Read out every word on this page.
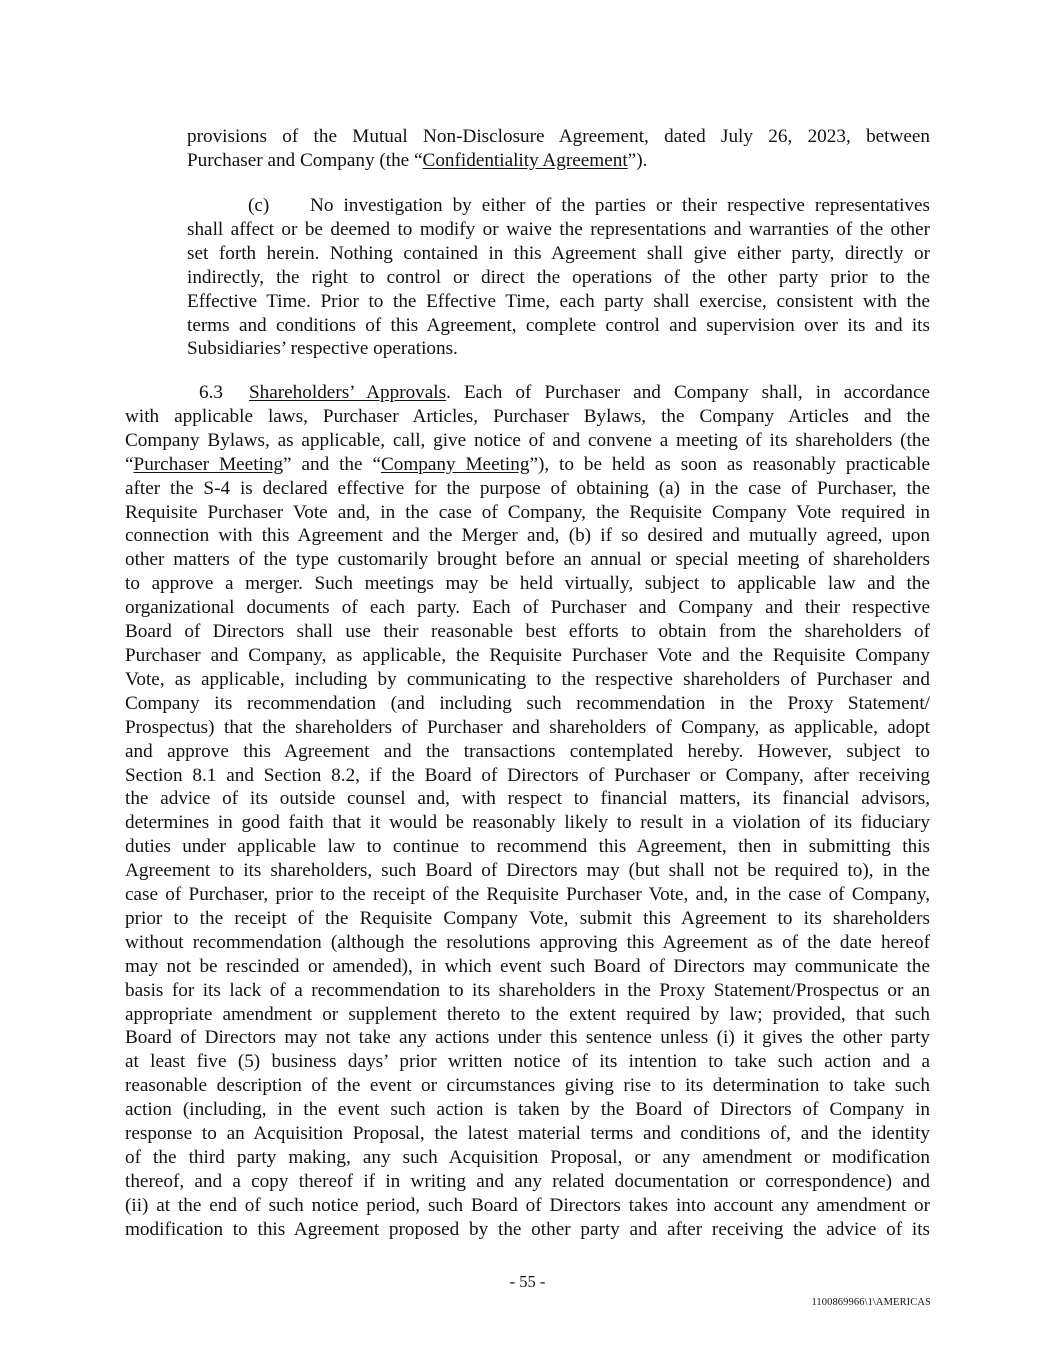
provisions of the Mutual Non-Disclosure Agreement, dated July 26, 2023, between
Purchaser and Company (the “Confidentiality Agreement”).
(c) No investigation by either of the parties or their respective representatives
shall affect or be deemed to modify or waive the representations and warranties of the other
set forth herein. Nothing contained in this Agreement shall give either party, directly or
indirectly, the right to control or direct the operations of the other party prior to the
Effective Time. Prior to the Effective Time, each party shall exercise, consistent with the
terms and conditions of this Agreement, complete control and supervision over its and its
Subsidiaries’ respective operations.
6.3 Shareholders’ Approvals. Each of Purchaser and Company shall, in accordance
with applicable laws, Purchaser Articles, Purchaser Bylaws, the Company Articles and the
Company Bylaws, as applicable, call, give notice of and convene a meeting of its shareholders (the
“Purchaser Meeting” and the “Company Meeting”), to be held as soon as reasonably practicable
after the S-4 is declared effective for the purpose of obtaining (a) in the case of Purchaser, the
Requisite Purchaser Vote and, in the case of Company, the Requisite Company Vote required in
connection with this Agreement and the Merger and, (b) if so desired and mutually agreed, upon
other matters of the type customarily brought before an annual or special meeting of shareholders
to approve a merger. Such meetings may be held virtually, subject to applicable law and the
organizational documents of each party. Each of Purchaser and Company and their respective
Board of Directors shall use their reasonable best efforts to obtain from the shareholders of
Purchaser and Company, as applicable, the Requisite Purchaser Vote and the Requisite Company
Vote, as applicable, including by communicating to the respective shareholders of Purchaser and
Company its recommendation (and including such recommendation in the Proxy Statement/
Prospectus) that the shareholders of Purchaser and shareholders of Company, as applicable, adopt
and approve this Agreement and the transactions contemplated hereby. However, subject to
Section 8.1 and Section 8.2, if the Board of Directors of Purchaser or Company, after receiving
the advice of its outside counsel and, with respect to financial matters, its financial advisors,
determines in good faith that it would be reasonably likely to result in a violation of its fiduciary
duties under applicable law to continue to recommend this Agreement, then in submitting this
Agreement to its shareholders, such Board of Directors may (but shall not be required to), in the
case of Purchaser, prior to the receipt of the Requisite Purchaser Vote, and, in the case of Company,
prior to the receipt of the Requisite Company Vote, submit this Agreement to its shareholders
without recommendation (although the resolutions approving this Agreement as of the date hereof
may not be rescinded or amended), in which event such Board of Directors may communicate the
basis for its lack of a recommendation to its shareholders in the Proxy Statement/Prospectus or an
appropriate amendment or supplement thereto to the extent required by law; provided, that such
Board of Directors may not take any actions under this sentence unless (i) it gives the other party
at least five (5) business days’ prior written notice of its intention to take such action and a
reasonable description of the event or circumstances giving rise to its determination to take such
action (including, in the event such action is taken by the Board of Directors of Company in
response to an Acquisition Proposal, the latest material terms and conditions of, and the identity
of the third party making, any such Acquisition Proposal, or any amendment or modification
thereof, and a copy thereof if in writing and any related documentation or correspondence) and
(ii) at the end of such notice period, such Board of Directors takes into account any amendment or
modification to this Agreement proposed by the other party and after receiving the advice of its
- 55 -
1100869966\1\AMERICAS
